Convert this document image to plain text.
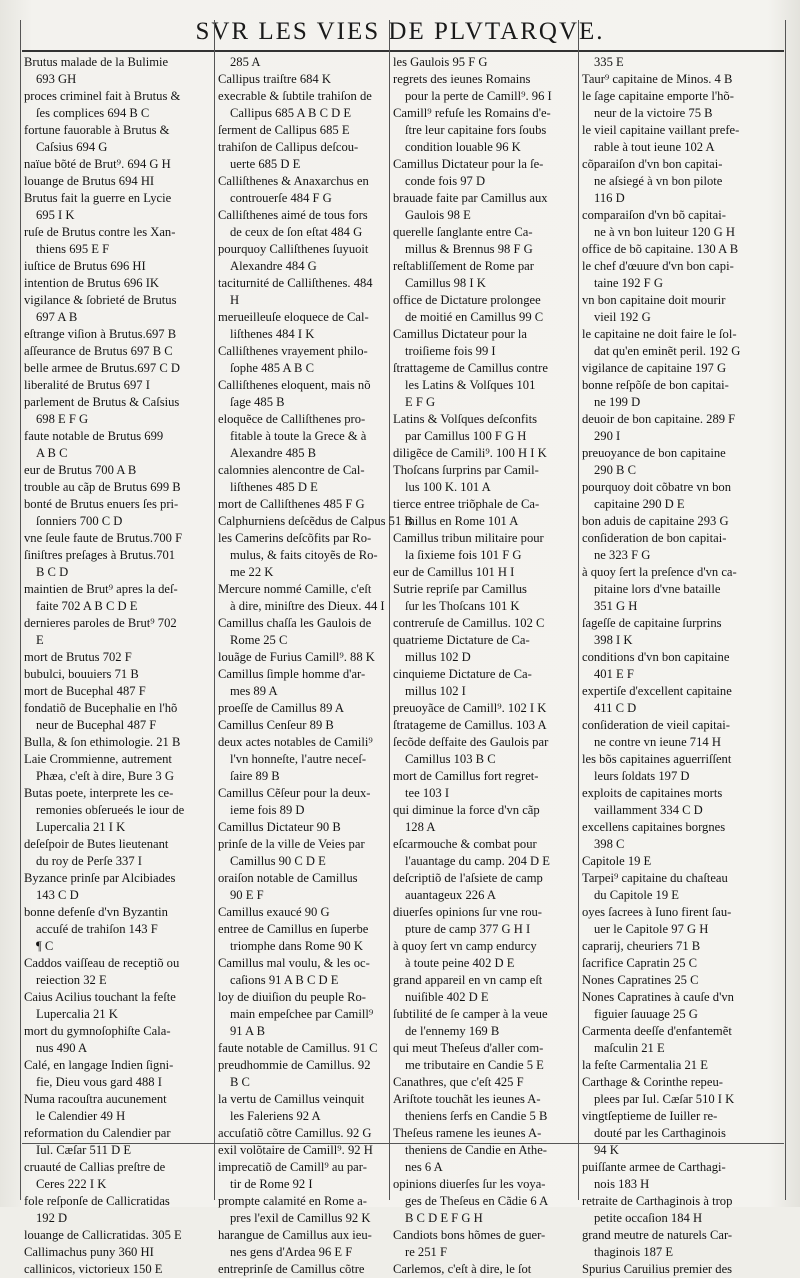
SVR LES VIES DE PLVTARQVE.
Brutus malade de la Bulimie
693 GH
proces criminel fait à Brutus &
ſes complices 694 B C
fortune fauorable à Brutus &
Caſsius 694 G
naïue bõté de Brut⁹. 694 G H
louange de Brutus 694 HI
Brutus fait la guerre en Lycie
695 I K
ruſe de Brutus contre les Xan-
thiens 695 E F
iuſtice de Brutus 696 HI
intention de Brutus 696 IK
vigilance & ſobrieté de Brutus
697 A B
eſtrange viſion à Brutus.697 B
aſſeurance de Brutus 697 B C
belle armee de Brutus.697 C D
liberalité de Brutus 697 I
parlement de Brutus & Caſsius
698 E F G
faute notable de Brutus 699
A B C
eur de Brutus 700 A B
trouble au cãp de Brutus 699 B
bonté de Brutus enuers ſes pri-
ſonniers 700 C D
vne ſeule faute de Brutus.700 F
ſiniſtres preſages à Brutus.701
B C D
maintien de Brut⁹ apres la deſ-
faite 702 A B C D E
dernieres paroles de Brut⁹ 702
E
mort de Brutus 702 F
bubulci, bouuiers 71 B
mort de Bucephal 487 F
fondatiõ de Bucephalie en l'hõ
neur de Bucephal 487 F
Bulla, & ſon ethimologie. 21 B
Laie Crommienne, autrement
Phæa, c'eſt à dire, Bure 3 G
Butas poete, interprete les ce-
remonies obſerueés le iour de
Lupercalia 21 I K
deſeſpoir de Butes lieutenant
du roy de Perſe 337 I
Byzance prinſe par Alcibiades
143 C D
bonne defenſe d'vn Byzantin
accuſé de trahiſon 143 F
¶ C
Caddos vaiſſeau de receptiõ ou
reiection 32 E
Caius Acilius touchant la feſte
Lupercalia 21 K
mort du gymnoſophiſte Cala-
nus 490 A
Calé, en langage Indien ſigni-
fie, Dieu vous gard 488 I
Numa racouſtra aucunement
le Calendier 49 H
reformation du Calendier par
Iul. Cæſar 511 D E
cruauté de Callias preſtre de
Ceres 222 I K
fole reſponſe de Callicratidas
192 D
louange de Callicratidas. 305 E
Callimachus puny 360 HI
callinicos, victorieux 150 E
285 A
Callipus traiſtre 684 K
execrable & ſubtile trahiſon de
Callipus 685 A B C D E
ſerment de Callipus 685 E
trahiſon de Callipus deſcou-
uerte 685 D E
Calliſthenes & Anaxarchus en
controuerſe 484 F G
Calliſthenes aimé de tous fors
de ceux de ſon eſtat 484 G
pourquoy Calliſthenes ſuyuoit
Alexandre 484 G
taciturnité de Calliſthenes. 484
H
merueilleuſe eloquece de Cal-
liſthenes 484 I K
Calliſthenes vrayement philo-
ſophe 485 A B C
Calliſthenes eloquent, mais nõ
ſage 485 B
eloquẽce de Calliſthenes pro-
fitable à toute la Grece & à
Alexandre 485 B
calomnies alencontre de Cal-
liſthenes 485 D E
mort de Calliſthenes 485 F G
Calphurniens deſcẽdus de Calpus 51 B
les Camerins deſcõfits par Ro-
mulus, & faits citoyẽs de Ro-
me 22 K
Mercure nommé Camille, c'eſt
à dire, miniſtre des Dieux. 44 I
Camillus chaſſa les Gaulois de
Rome 25 C
louãge de Furius Camill⁹. 88 K
Camillus ſimple homme d'ar-
mes 89 A
proeſſe de Camillus 89 A
Camillus Cenſeur 89 B
deux actes notables de Camili⁹
l'vn honneſte, l'autre neceſ-
ſaire 89 B
Camillus Cẽſeur pour la deux-
ieme fois 89 D
Camillus Dictateur 90 B
prinſe de la ville de Veies par
Camillus 90 C D E
oraiſon notable de Camillus
90 E F
Camillus exaucé 90 G
entree de Camillus en ſuperbe
triomphe dans Rome 90 K
Camillus mal voulu, & les oc-
caſions 91 A B C D E
loy de diuiſion du peuple Ro-
main empeſchee par Camill⁹
91 A B
faute notable de Camillus. 91 C
preudhommie de Camillus. 92
B C
la vertu de Camillus veinquit
les Faleriens 92 A
accuſatiõ cõtre Camillus. 92 G
exil volõtaire de Camill⁹. 92 H
imprecatiõ de Camill⁹ au par-
tir de Rome 92 I
prompte calamité en Rome a-
pres l'exil de Camillus 92 K
harangue de Camillus aux ieu-
nes gens d'Ardea 96 E F
entreprinſe de Camillus cõtre
les Gaulois 95 F G
regrets des ieunes Romains
pour la perte de Camill⁹. 96 I
Camill⁹ refuſe les Romains d'e-
ſtre leur capitaine fors ſoubs
condition louable 96 K
Camillus Dictateur pour la ſe-
conde fois 97 D
brauade faite par Camillus aux
Gaulois 98 E
querelle ſanglante entre Ca-
millus & Brennus 98 F G
reſtabliſſement de Rome par
Camillus 98 I K
office de Dictature prolongee
de moitié en Camillus 99 C
Camillus Dictateur pour la
troiſieme fois 99 I
ſtrattageme de Camillus contre
les Latins & Volſques 101
E F G
Latins & Volſques deſconfits
par Camillus 100 F G H
diligẽce de Camili⁹. 100 H I K
Thoſcans ſurprins par Camil-
lus 100 K. 101 A
tierce entree triõphale de Ca-
millus en Rome 101 A
Camillus tribun militaire pour
la ſixieme fois 101 F G
eur de Camillus 101 H I
Sutrie repriſe par Camillus
ſur les Thoſcans 101 K
contreruſe de Camillus. 102 C
quatrieme Dictature de Ca-
millus 102 D
cinquieme Dictature de Ca-
millus 102 I
preuoyãce de Camill⁹. 102 I K
ſtratageme de Camillus. 103 A
ſecõde deſfaite des Gaulois par
Camillus 103 B C
mort de Camillus fort regret-
tee 103 I
qui diminue la force d'vn cãp
128 A
eſcarmouche & combat pour
l'auantage du camp. 204 D E
deſcriptiõ de l'aſsiete de camp
auantageux 226 A
diuerſes opinions ſur vne rou-
pture de camp 377 G H I
à quoy ſert vn camp endurcy
à toute peine 402 D E
grand appareil en vn camp eſt
nuiſible 402 D E
ſubtilité de ſe camper à la veue
de l'ennemy 169 B
qui meut Theſeus d'aller com-
me tributaire en Candie 5 E
Canathres, que c'eſt 425 F
Ariſtote touchãt les ieunes A-
theniens ſerfs en Candie 5 B
Theſeus ramene les ieunes A-
theniens de Candie en Athe-
nes 6 A
opinions diuerſes ſur les voya-
ges de Theſeus en Cãdie 6 A
B C D E F G H
Candiots bons hõmes de guer-
re 251 F
Carlemos, c'eſt à dire, le ſot
335 E
Taur⁹ capitaine de Minos. 4 B
le ſage capitaine emporte l'hõ-
neur de la victoire 75 B
le vieil capitaine vaillant prefe-
rable à tout ieune 102 A
cõparaiſon d'vn bon capitai-
ne aſsiegé à vn bon pilote
116 D
comparaiſon d'vn bõ capitai-
ne à vn bon luiteur 120 G H
office de bõ capitaine. 130 A B
le chef d'œuure d'vn bon capi-
taine 192 F G
vn bon capitaine doit mourir
vieil 192 G
le capitaine ne doit faire le ſol-
dat qu'en eminẽt peril. 192 G
vigilance de capitaine 197 G
bonne reſpõſe de bon capitai-
ne 199 D
deuoir de bon capitaine. 289 F
290 I
preuoyance de bon capitaine
290 B C
pourquoy doit cõbatre vn bon
capitaine 290 D E
bon aduis de capitaine 293 G
conſideration de bon capitai-
ne 323 F G
à quoy ſert la preſence d'vn ca-
pitaine lors d'vne bataille
351 G H
ſageſſe de capitaine ſurprins
398 I K
conditions d'vn bon capitaine
401 E F
expertiſe d'excellent capitaine
411 C D
conſideration de vieil capitai-
ne contre vn ieune 714 H
les bõs capitaines aguerriſſent
leurs ſoldats 197 D
exploits de capitaines morts
vaillamment 334 C D
excellens capitaines borgnes
398 C
Capitole 19 E
Tarpei⁹ capitaine du chaſteau
du Capitole 19 E
oyes ſacrees à Iuno firent ſau-
uer le Capitole 97 G H
caprarij, cheuriers 71 B
ſacrifice Capratin 25 C
Nones Capratines 25 C
Nones Capratines à cauſe d'vn
figuier ſauuage 25 G
Carmenta deeſſe d'enfantemẽt
maſculin 21 E
la feſte Carmentalia 21 E
Carthage & Corinthe repeu-
plees par Iul. Cæſar 510 I K
vingtſeptieme de Iuiller re-
douté par les Carthaginois
94 K
puiſſante armee de Carthagi-
nois 183 H
retraite de Carthaginois à trop
petite occaſion 184 H
grand meutre de naturels Car-
thaginois 187 E
Spurius Caruilius premier des
